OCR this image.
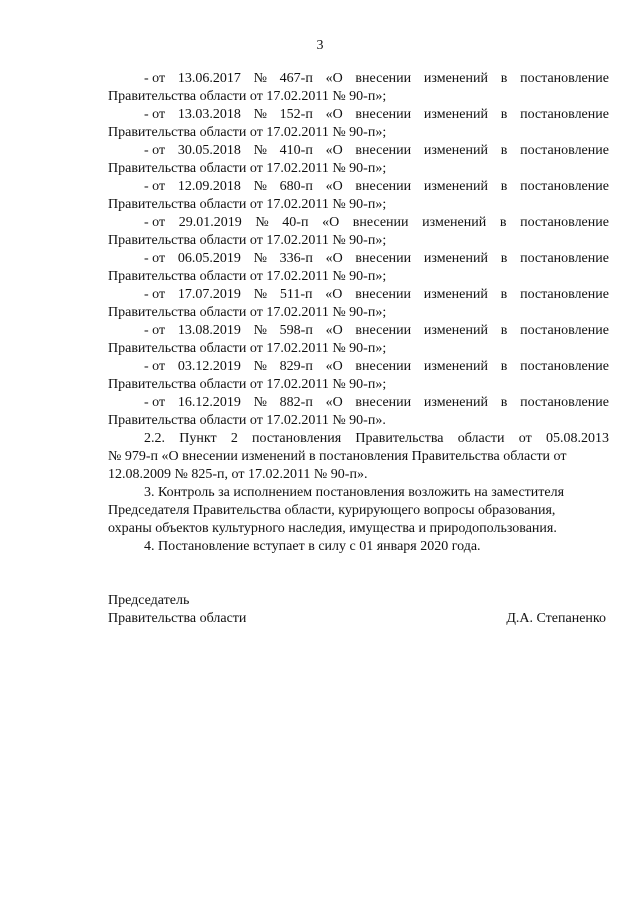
3
- от 13.06.2017 № 467-п «О внесении изменений в постановление
Правительства области от 17.02.2011 № 90-п»;
- от 13.03.2018 № 152-п «О внесении изменений в постановление
Правительства области от 17.02.2011 № 90-п»;
- от 30.05.2018 № 410-п «О внесении изменений в постановление
Правительства области от 17.02.2011 № 90-п»;
- от 12.09.2018 № 680-п «О внесении изменений в постановление
Правительства области от 17.02.2011 № 90-п»;
- от 29.01.2019 № 40-п «О внесении изменений в постановление
Правительства области от 17.02.2011 № 90-п»;
- от 06.05.2019 № 336-п «О внесении изменений в постановление
Правительства области от 17.02.2011 № 90-п»;
- от 17.07.2019 № 511-п «О внесении изменений в постановление
Правительства области от 17.02.2011 № 90-п»;
- от 13.08.2019 № 598-п «О внесении изменений в постановление
Правительства области от 17.02.2011 № 90-п»;
- от 03.12.2019 № 829-п «О внесении изменений в постановление
Правительства области от 17.02.2011 № 90-п»;
- от 16.12.2019 № 882-п «О внесении изменений в постановление
Правительства области от 17.02.2011 № 90-п».
2.2. Пункт 2 постановления Правительства области от 05.08.2013
№ 979-п «О внесении изменений в постановления Правительства области от
12.08.2009 № 825-п, от 17.02.2011 № 90-п».
3. Контроль за исполнением постановления возложить на заместителя
Председателя Правительства области, курирующего вопросы образования,
охраны объектов культурного наследия, имущества и природопользования.
4. Постановление вступает в силу с 01 января 2020 года.
Председатель
Правительства области	Д.А. Степаненко
